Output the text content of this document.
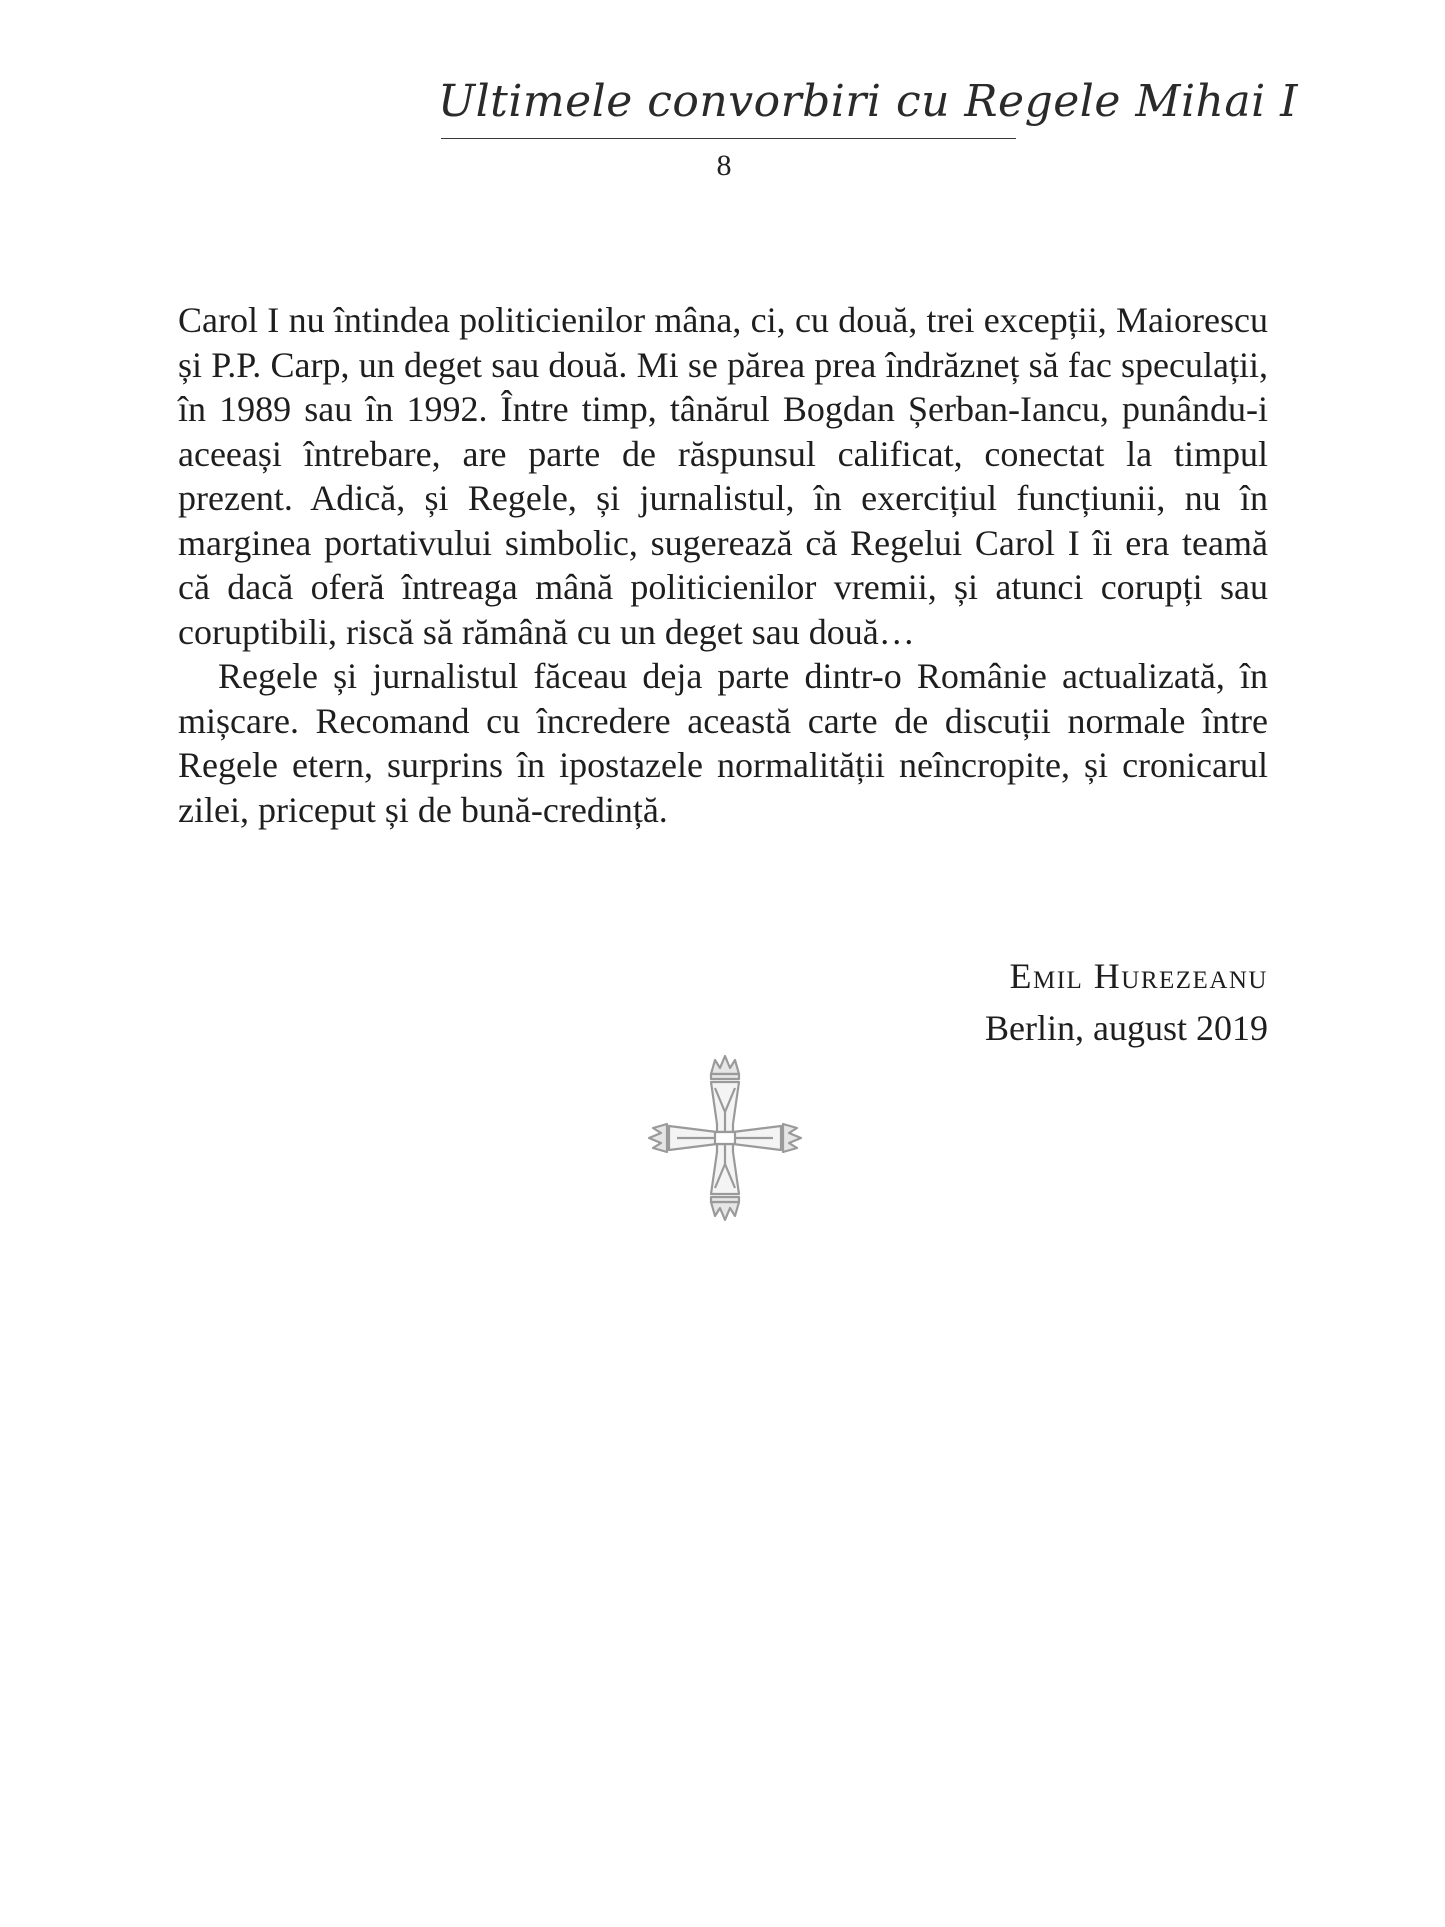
Ultimele convorbiri cu Regele Mihai I
8

Carol I nu întindea politicienilor mâna, ci, cu două, trei excepții, Maiorescu și P.P. Carp, un deget sau două. Mi se părea prea îndrăzneț să fac speculații, în 1989 sau în 1992. Între timp, tânărul Bogdan Șerban-Iancu, punându-i aceeași întrebare, are parte de răspunsul calificat, conectat la timpul prezent. Adică, și Regele, și jurnalistul, în exercițiul funcțiunii, nu în marginea portativului simbolic, sugerează că Regelui Carol I îi era teamă că dacă oferă întreaga mână politicienilor vremii, și atunci corupți sau coruptibili, riscă să rămână cu un deget sau două…

Regele și jurnalistul făceau deja parte dintr-o Românie actualizată, în mișcare. Recomand cu încredere această carte de discuții normale între Regele etern, surprins în ipostazele normalității neîncropite, și cronicarul zilei, priceput și de bună-credință.

Emil Hurezeanu
Berlin, august 2019
